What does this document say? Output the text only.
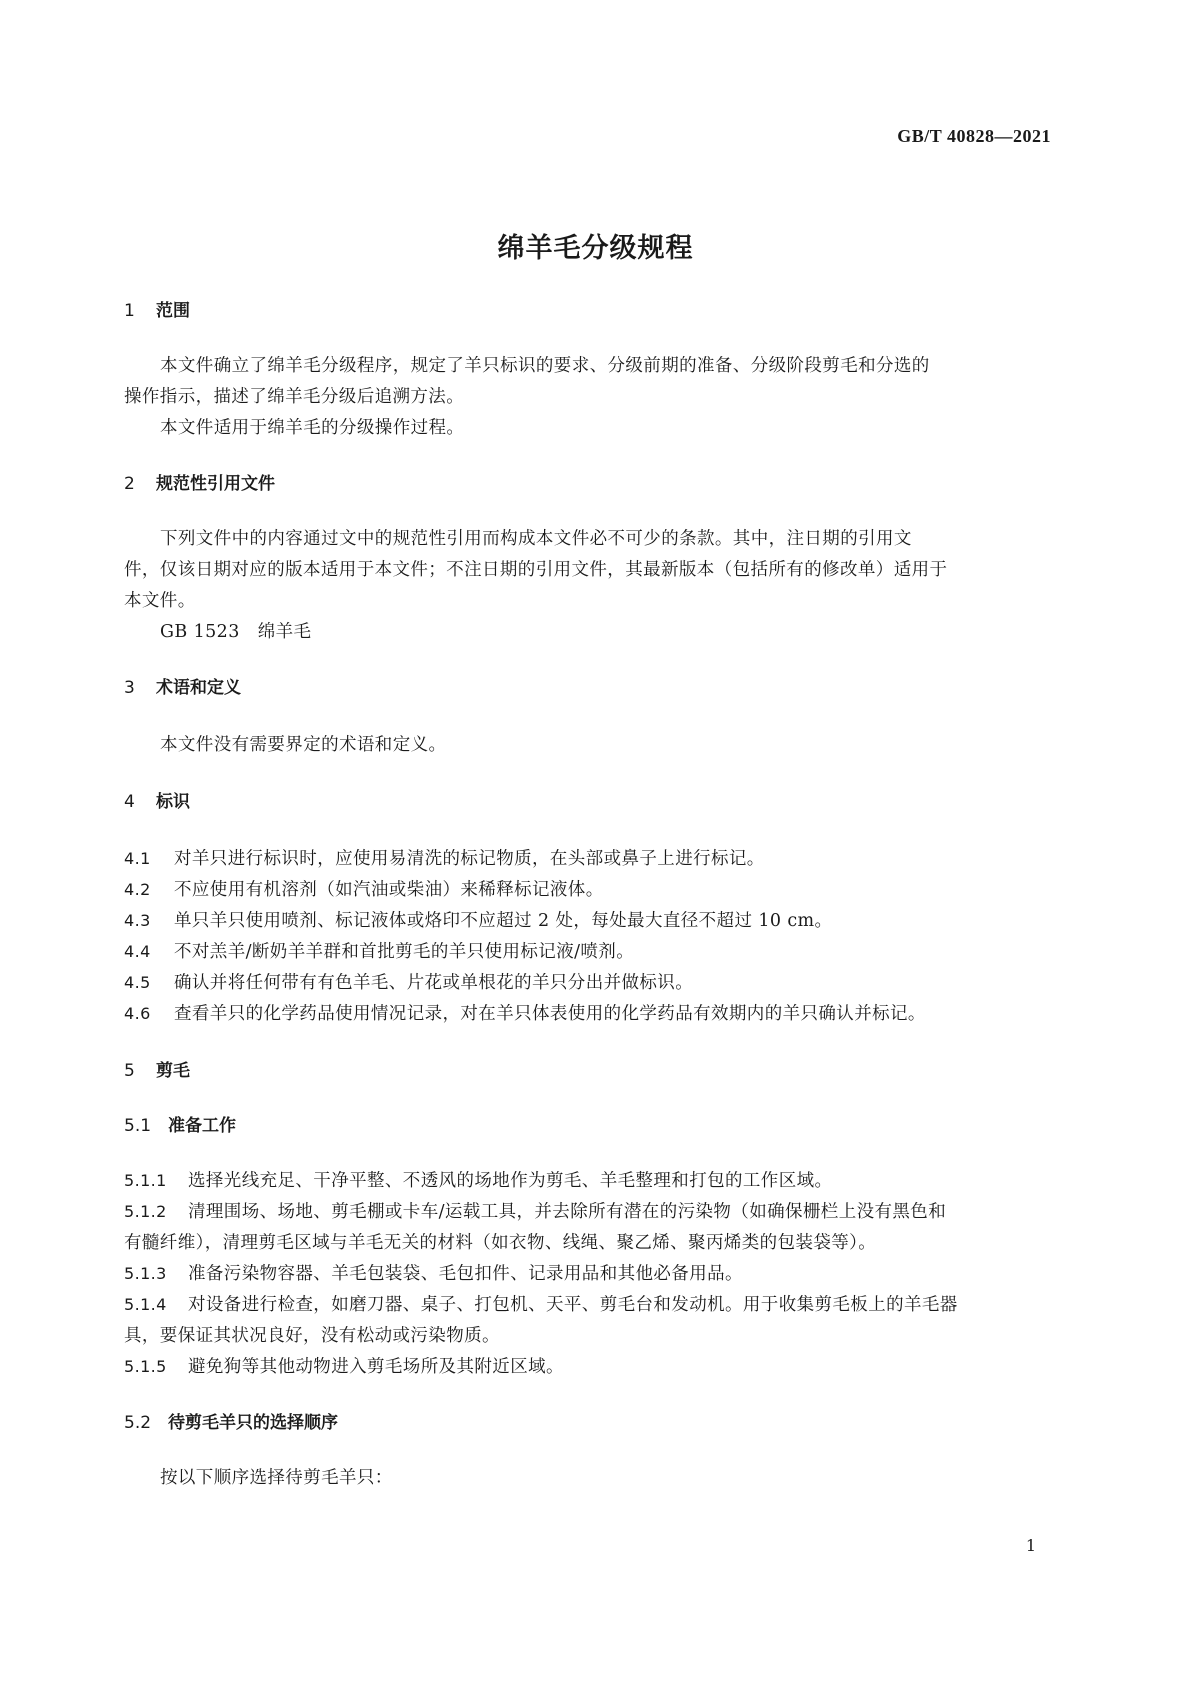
GB/T 40828—2021
绵羊毛分级规程
1 范围
本文件确立了绵羊毛分级程序，规定了羊只标识的要求、分级前期的准备、分级阶段剪毛和分选的
操作指示，描述了绵羊毛分级后追溯方法。
本文件适用于绵羊毛的分级操作过程。
2 规范性引用文件
下列文件中的内容通过文中的规范性引用而构成本文件必不可少的条款。其中，注日期的引用文
件，仅该日期对应的版本适用于本文件；不注日期的引用文件，其最新版本（包括所有的修改单）适用于
本文件。
GB 1523 绵羊毛
3 术语和定义
本文件没有需要界定的术语和定义。
4 标识
4.1 对羊只进行标识时，应使用易清洗的标记物质，在头部或鼻子上进行标记。
4.2 不应使用有机溶剂（如汽油或柴油）来稀释标记液体。
4.3 单只羊只使用喷剂、标记液体或烙印不应超过 2 处，每处最大直径不超过 10 cm。
4.4 不对羔羊/断奶羊羊群和首批剪毛的羊只使用标记液/喷剂。
4.5 确认并将任何带有有色羊毛、片花或单根花的羊只分出并做标识。
4.6 查看羊只的化学药品使用情况记录，对在羊只体表使用的化学药品有效期内的羊只确认并标记。
5 剪毛
5.1 准备工作
5.1.1 选择光线充足、干净平整、不透风的场地作为剪毛、羊毛整理和打包的工作区域。
5.1.2 清理围场、场地、剪毛棚或卡车/运载工具，并去除所有潜在的污染物（如确保栅栏上没有黑色和
有髓纤维），清理剪毛区域与羊毛无关的材料（如衣物、线绳、聚乙烯、聚丙烯类的包装袋等）。
5.1.3 准备污染物容器、羊毛包装袋、毛包扣件、记录用品和其他必备用品。
5.1.4 对设备进行检查，如磨刀器、桌子、打包机、天平、剪毛台和发动机。用于收集剪毛板上的羊毛器
具，要保证其状况良好，没有松动或污染物质。
5.1.5 避免狗等其他动物进入剪毛场所及其附近区域。
5.2 待剪毛羊只的选择顺序
按以下顺序选择待剪毛羊只：
1
